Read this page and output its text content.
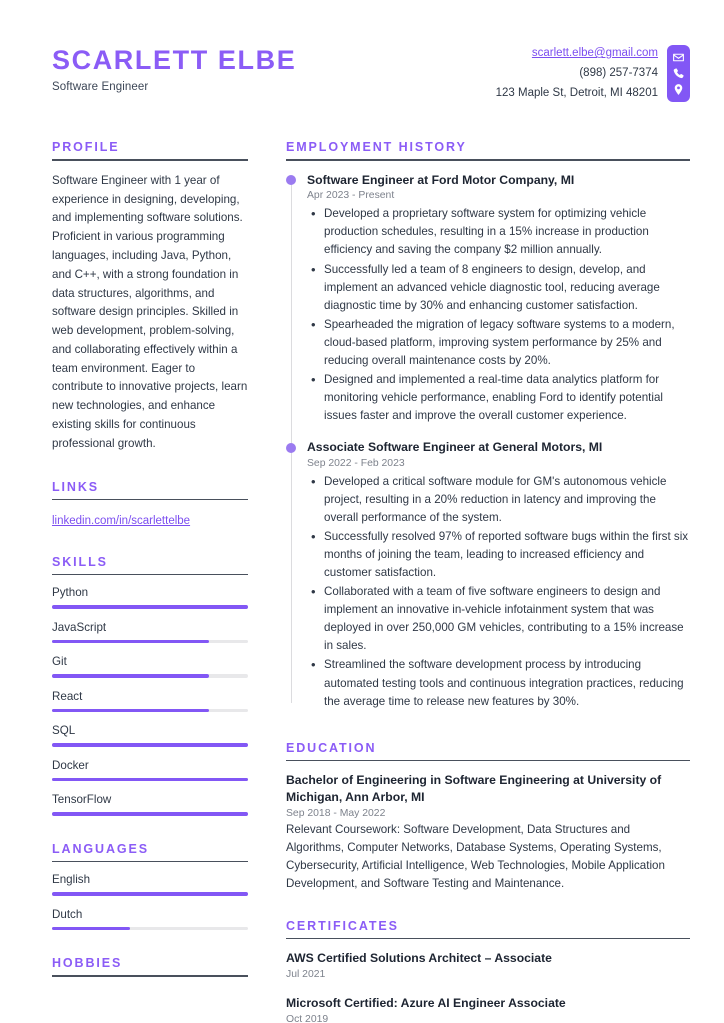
SCARLETT ELBE
Software Engineer
scarlett.elbe@gmail.com
(898) 257-7374
123 Maple St, Detroit, MI 48201
PROFILE
Software Engineer with 1 year of experience in designing, developing, and implementing software solutions. Proficient in various programming languages, including Java, Python, and C++, with a strong foundation in data structures, algorithms, and software design principles. Skilled in web development, problem-solving, and collaborating effectively within a team environment. Eager to contribute to innovative projects, learn new technologies, and enhance existing skills for continuous professional growth.
LINKS
linkedin.com/in/scarlettelbe
SKILLS
Python
JavaScript
Git
React
SQL
Docker
TensorFlow
LANGUAGES
English
Dutch
HOBBIES
EMPLOYMENT HISTORY
Software Engineer at Ford Motor Company, MI
Apr 2023 - Present
• Developed a proprietary software system for optimizing vehicle production schedules, resulting in a 15% increase in production efficiency and saving the company $2 million annually.
• Successfully led a team of 8 engineers to design, develop, and implement an advanced vehicle diagnostic tool, reducing average diagnostic time by 30% and enhancing customer satisfaction.
• Spearheaded the migration of legacy software systems to a modern, cloud-based platform, improving system performance by 25% and reducing overall maintenance costs by 20%.
• Designed and implemented a real-time data analytics platform for monitoring vehicle performance, enabling Ford to identify potential issues faster and improve the overall customer experience.
Associate Software Engineer at General Motors, MI
Sep 2022 - Feb 2023
• Developed a critical software module for GM's autonomous vehicle project, resulting in a 20% reduction in latency and improving the overall performance of the system.
• Successfully resolved 97% of reported software bugs within the first six months of joining the team, leading to increased efficiency and customer satisfaction.
• Collaborated with a team of five software engineers to design and implement an innovative in-vehicle infotainment system that was deployed in over 250,000 GM vehicles, contributing to a 15% increase in sales.
• Streamlined the software development process by introducing automated testing tools and continuous integration practices, reducing the average time to release new features by 30%.
EDUCATION
Bachelor of Engineering in Software Engineering at University of Michigan, Ann Arbor, MI
Sep 2018 - May 2022
Relevant Coursework: Software Development, Data Structures and Algorithms, Computer Networks, Database Systems, Operating Systems, Cybersecurity, Artificial Intelligence, Web Technologies, Mobile Application Development, and Software Testing and Maintenance.
CERTIFICATES
AWS Certified Solutions Architect – Associate
Jul 2021
Microsoft Certified: Azure AI Engineer Associate
Oct 2019
